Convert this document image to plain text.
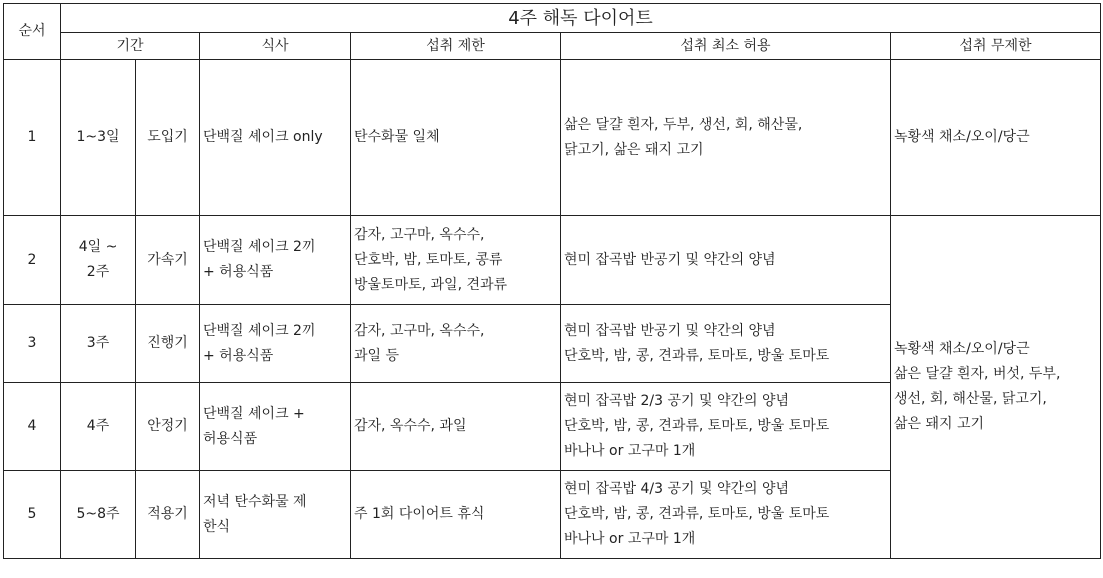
순서	4주 해독 다이어트					
	기간		식사	섭취 제한	섭취 최소 허용	섭취 무제한
1	1~3일	도입기	단백질 셰이크 only	탄수화물 일체	삶은 달걀 흰자, 두부, 생선, 회, 해산물,
닭고기, 삶은 돼지 고기	녹황색 채소/오이/당근

2	4일 ~
2주	가속기	단백질 셰이크 2끼
+ 허용식품	감자, 고구마, 옥수수,
단호박, 밤, 토마토, 콩류
방울토마토, 과일, 견과류	현미 잡곡밥 반공기 및 약간의 양념	녹황색 채소/오이/당근
삶은 달걀 흰자, 버섯, 두부,
생선, 회, 해산물, 닭고기,
삶은 돼지 고기

3	3주	진행기	단백질 셰이크 2끼
+ 허용식품	감자, 고구마, 옥수수,
과일 등	현미 잡곡밥 반공기 및 약간의 양념
단호박, 밤, 콩, 견과류, 토마토, 방울 토마토	

4	4주	안정기	단백질 셰이크 +
허용식품	감자, 옥수수, 과일	현미 잡곡밥 2/3 공기 및 약간의 양념
단호박, 밤, 콩, 견과류, 토마토, 방울 토마토
바나나 or 고구마 1개	

5	5~8주	적용기	저녁 탄수화물 제
한식	주 1회 다이어트 휴식	현미 잡곡밥 4/3 공기 및 약간의 양념
단호박, 밤, 콩, 견과류, 토마토, 방울 토마토
바나나 or 고구마 1개	
